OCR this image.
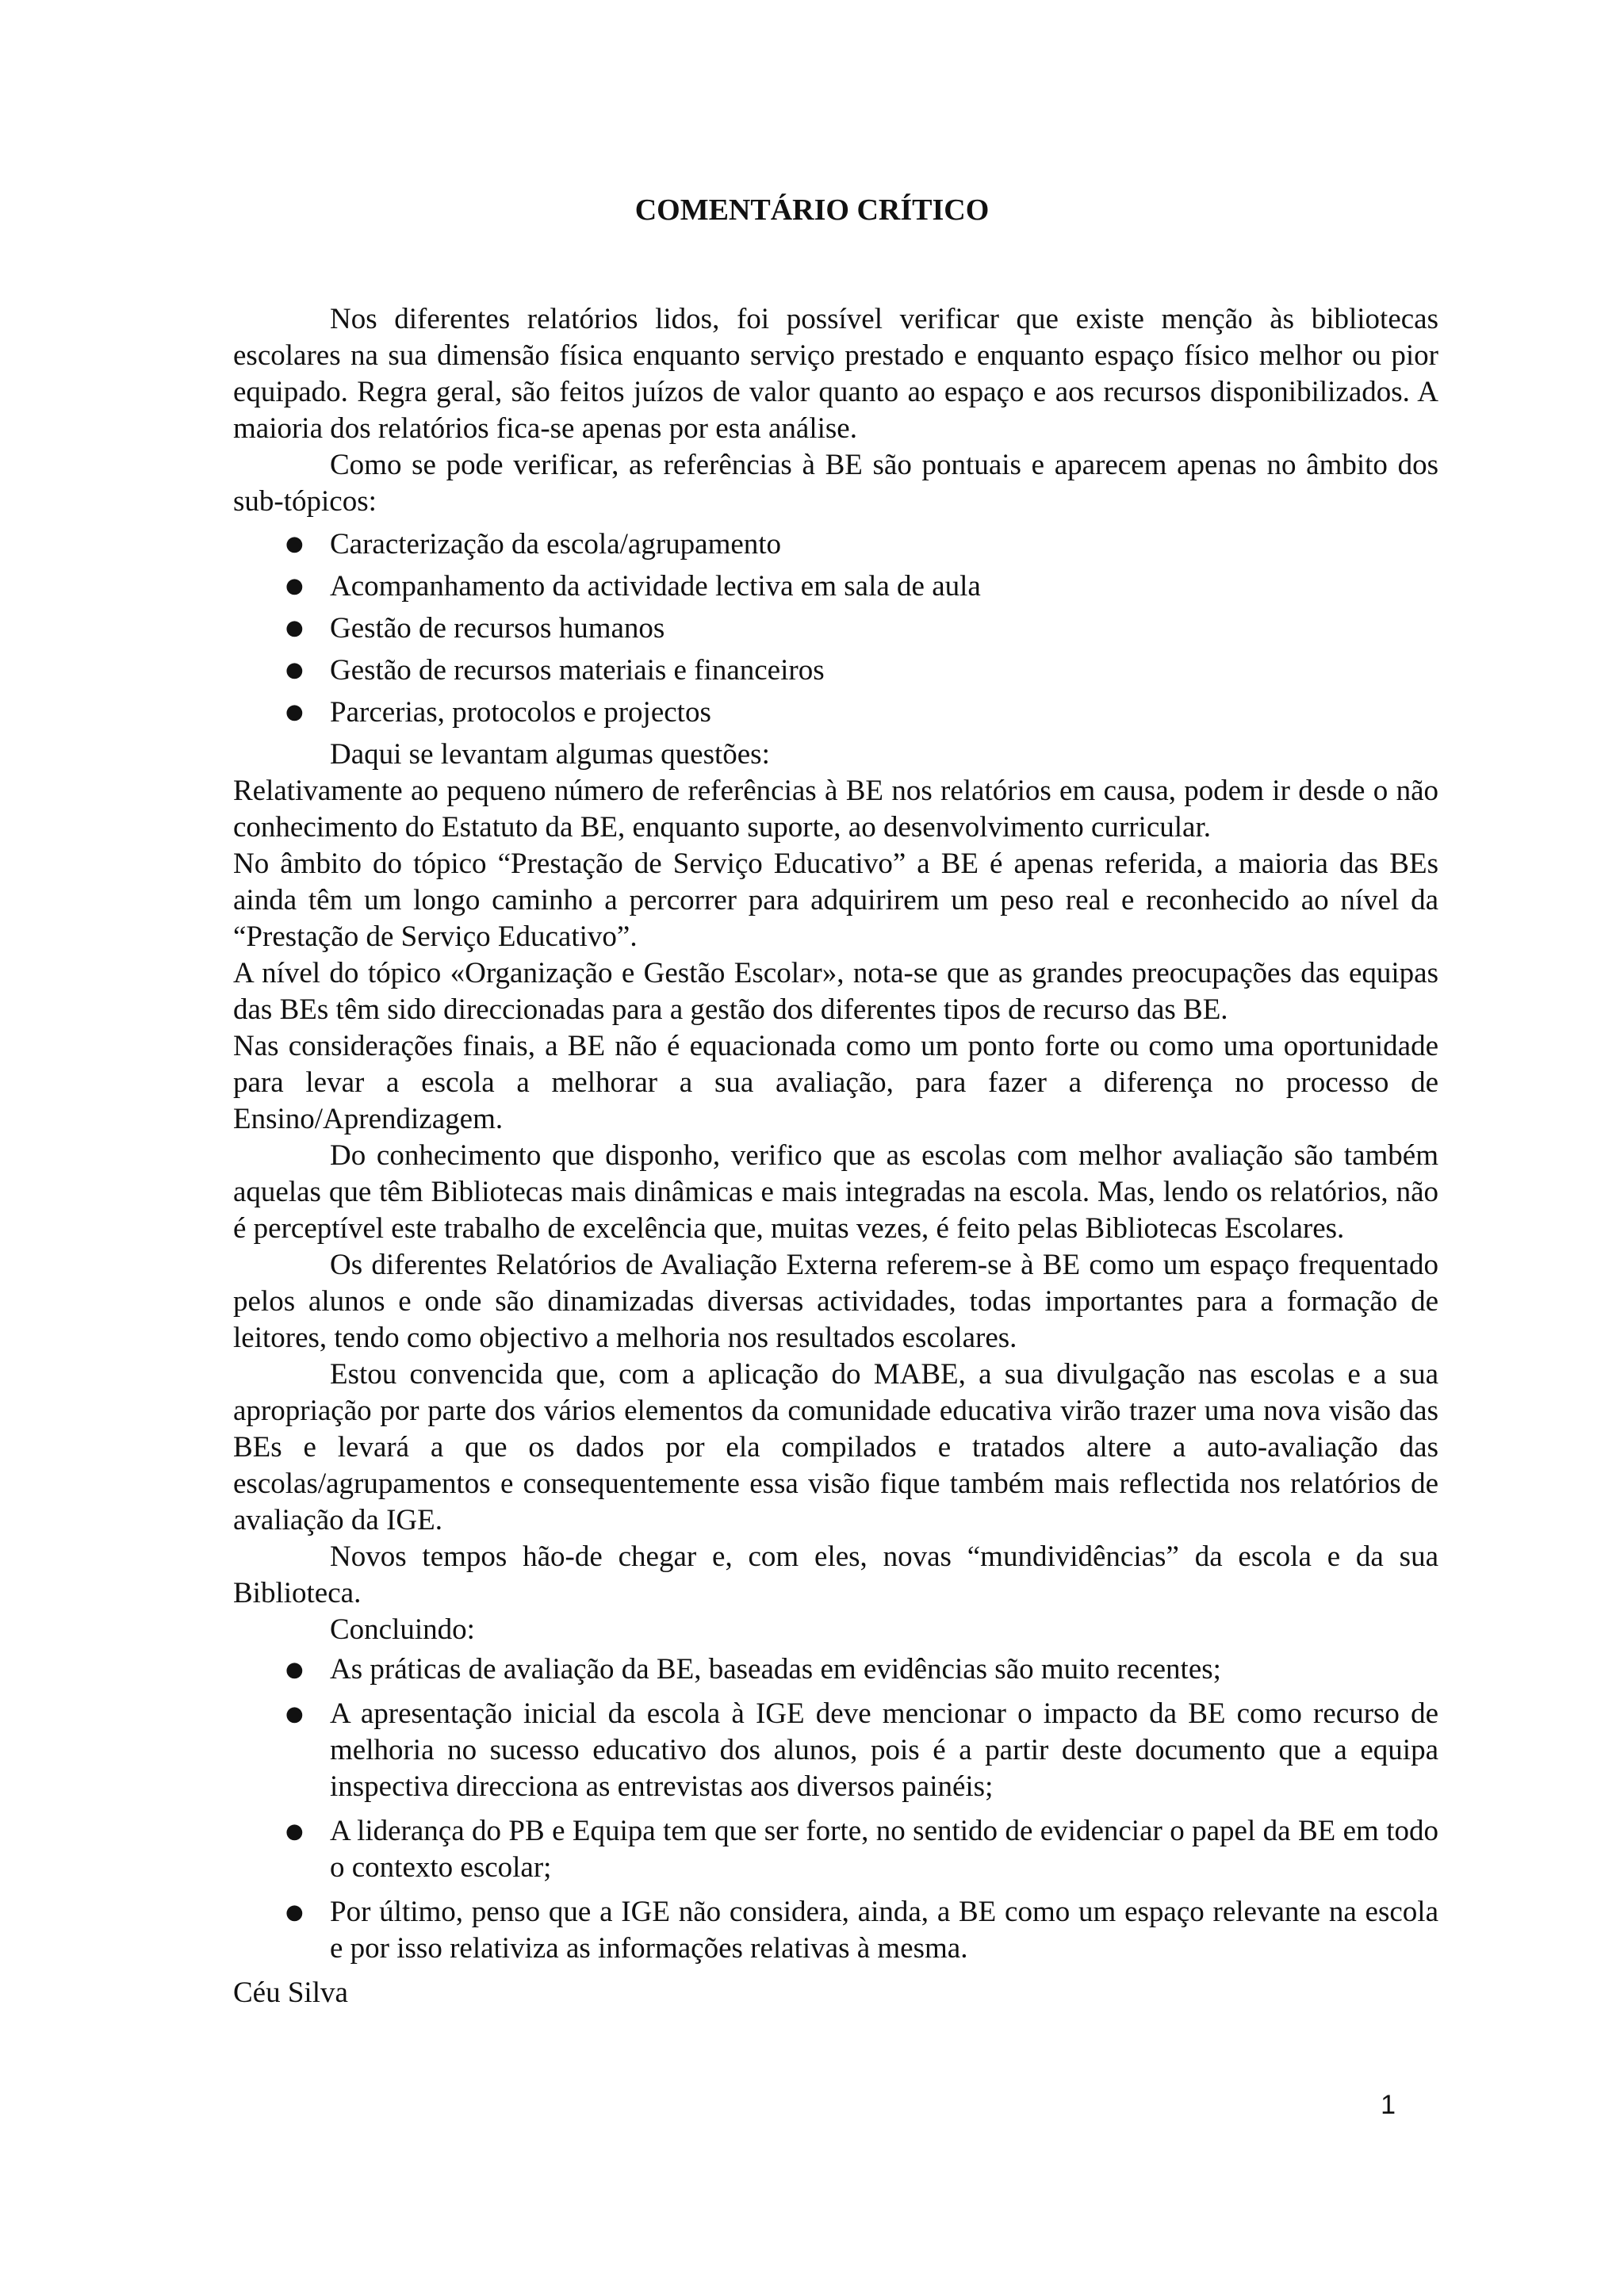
COMENTÁRIO CRÍTICO

Nos diferentes relatórios lidos, foi possível verificar que existe menção às bibliotecas escolares na sua dimensão física enquanto serviço prestado e enquanto espaço físico melhor ou pior equipado. Regra geral, são feitos juízos de valor quanto ao espaço e aos recursos disponibilizados. A maioria dos relatórios fica-se apenas por esta análise.

Como se pode verificar, as referências à BE são pontuais e aparecem apenas no âmbito dos sub-tópicos:

● Caracterização da escola/agrupamento
● Acompanhamento da actividade lectiva em sala de aula
● Gestão de recursos humanos
● Gestão de recursos materiais e financeiros
● Parcerias, protocolos e projectos

Daqui se levantam algumas questões:

Relativamente ao pequeno número de referências à BE nos relatórios em causa, podem ir desde o não conhecimento do Estatuto da BE, enquanto suporte, ao desenvolvimento curricular.

No âmbito do tópico “Prestação de Serviço Educativo” a BE é apenas referida, a maioria das BEs ainda têm um longo caminho a percorrer para adquirirem um peso real e reconhecido ao nível da “Prestação de Serviço Educativo”.

A nível do tópico «Organização e Gestão Escolar», nota-se que as grandes preocupações das equipas das BEs têm sido direccionadas para a gestão dos diferentes tipos de recurso das BE.

Nas considerações finais, a BE não é equacionada como um ponto forte ou como uma oportunidade para levar a escola a melhorar a sua avaliação, para fazer a diferença no processo de Ensino/Aprendizagem.

Do conhecimento que disponho, verifico que as escolas com melhor avaliação são também aquelas que têm Bibliotecas mais dinâmicas e mais integradas na escola. Mas, lendo os relatórios, não é perceptível este trabalho de excelência que, muitas vezes, é feito pelas Bibliotecas Escolares.

Os diferentes Relatórios de Avaliação Externa referem-se à BE como um espaço frequentado pelos alunos e onde são dinamizadas diversas actividades, todas importantes para a formação de leitores, tendo como objectivo a melhoria nos resultados escolares.

Estou convencida que, com a aplicação do MABE, a sua divulgação nas escolas e a sua apropriação por parte dos vários elementos da comunidade educativa virão trazer uma nova visão das BEs e levará a que os dados por ela compilados e tratados altere a auto-avaliação das escolas/agrupamentos e consequentemente essa visão fique também mais reflectida nos relatórios de avaliação da IGE.

Novos tempos hão-de chegar e, com eles, novas “mundividências” da escola e da sua Biblioteca.

Concluindo:

● As práticas de avaliação da BE, baseadas em evidências são muito recentes;
● A apresentação inicial da escola à IGE deve mencionar o impacto da BE como recurso de melhoria no sucesso educativo dos alunos, pois é a partir deste documento que a equipa inspectiva direcciona as entrevistas aos diversos painéis;
● A liderança do PB e Equipa tem que ser forte, no sentido de evidenciar o papel da BE em todo o contexto escolar;
● Por último, penso que a IGE não considera, ainda, a BE como um espaço relevante na escola e por isso relativiza as informações relativas à mesma.

Céu Silva

1
